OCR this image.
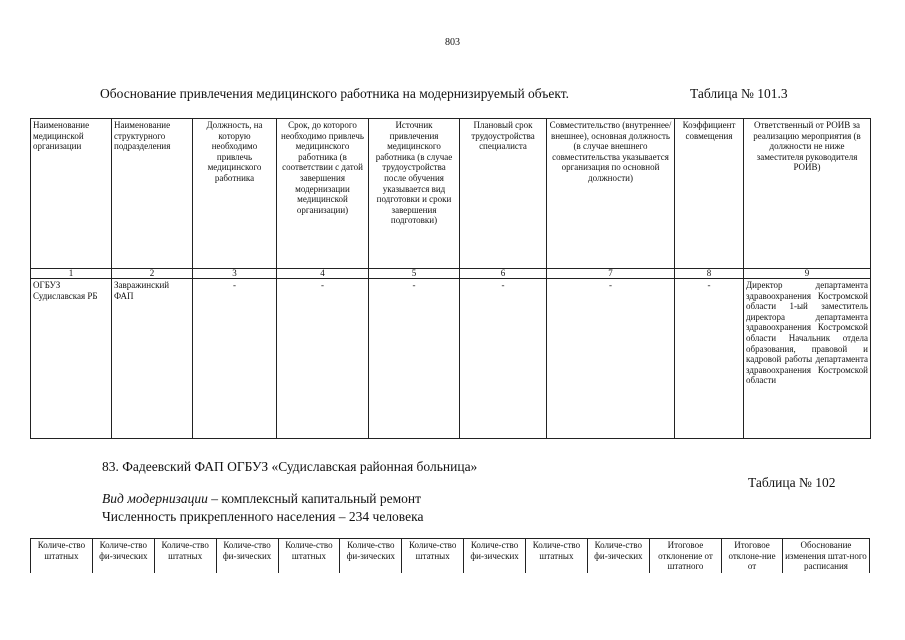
803
Обоснование привлечения медицинского работника на модернизируемый объект.	Таблица № 101.3
Наименование медицинской организации	Наименование структурного подразделения	Должность, на которую необходимо привлечь медицинского работника	Срок, до которого необходимо привлечь медицинского работника (в соответствии с датой завершения модернизации медицинской организации)	Источник привлечения медицинского работника (в случае трудоустройства после обучения указывается вид подготовки и сроки завершения подготовки)	Плановый срок трудоустройства специалиста	Совместительство (внутреннее/внешнее), основная должность (в случае внешнего совместительства указывается организация по основной должности)	Коэффициент совмещения	Ответственный от РОИВ за реализацию мероприятия (в должности не ниже заместителя руководителя РОИВ)
1	2	3	4	5	6	7	8	9
ОГБУЗ Судиславская РБ	Завражинский ФАП	-	-	-	-	-	-	Директор департамента здравоохранения Костромской области 1-ый заместитель директора департамента здравоохранения Костромской области Начальник отдела образования, правовой и кадровой работы департамента здравоохранения Костромской области
83. Фадеевский ФАП ОГБУЗ «Судиславская районная больница»
Таблица № 102
Вид модернизации – комплексный капитальный ремонт
Численность прикрепленного населения – 234 человека
Количе-ство штатных	Количе-ство фи-зических	Количе-ство штатных	Количе-ство фи-зических	Количе-ство штатных	Количе-ство фи-зических	Количе-ство штатных	Количе-ство фи-зических	Количе-ство штатных	Количе-ство фи-зических	Итоговое отклонение от штатного	Итоговое отклоне-ние от	Обоснование изменения штат-ного расписания
